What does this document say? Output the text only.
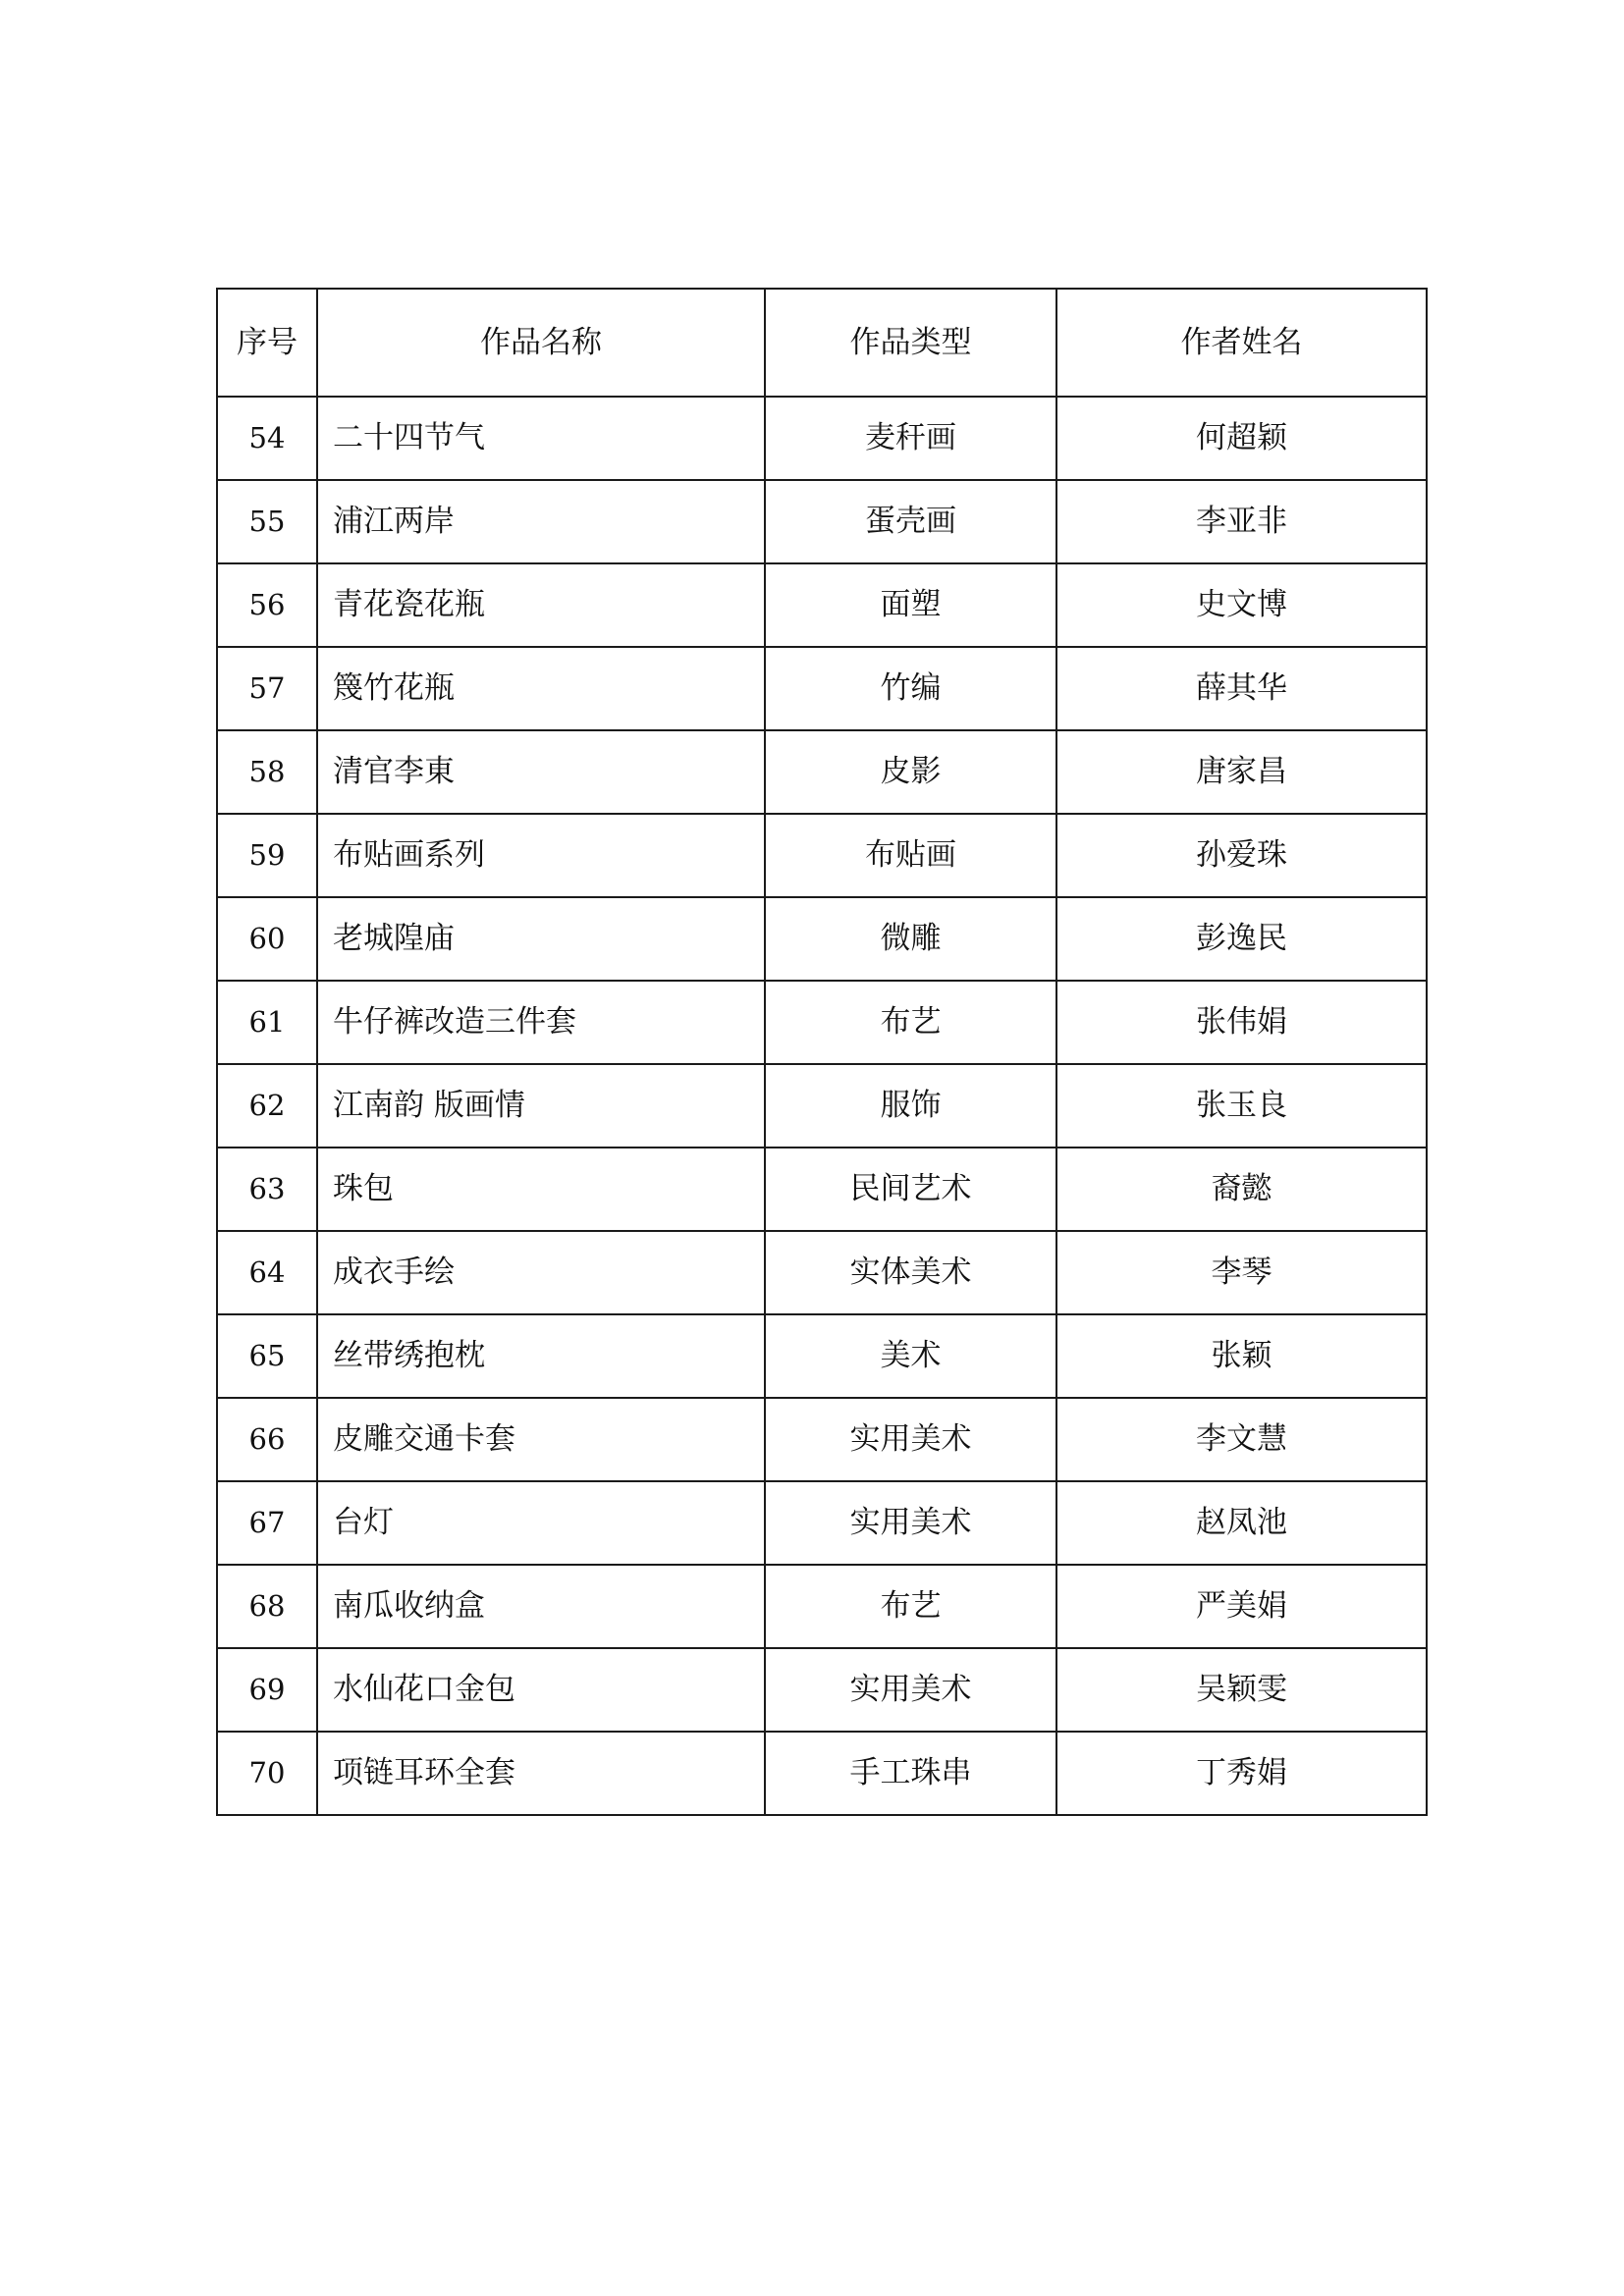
序号	作品名称	作品类型	作者姓名
54	二十四节气	麦秆画	何超颖
55	浦江两岸	蛋壳画	李亚非
56	青花瓷花瓶	面塑	史文博
57	篾竹花瓶	竹编	薛其华
58	清官李東	皮影	唐家昌
59	布贴画系列	布贴画	孙爱珠
60	老城隍庙	微雕	彭逸民
61	牛仔裤改造三件套	布艺	张伟娟
62	江南韵 版画情	服饰	张玉良
63	珠包	民间艺术	裔懿
64	成衣手绘	实体美术	李琴
65	丝带绣抱枕	美术	张颖
66	皮雕交通卡套	实用美术	李文慧
67	台灯	实用美术	赵凤池
68	南瓜收纳盒	布艺	严美娟
69	水仙花口金包	实用美术	吴颖雯
70	项链耳环全套	手工珠串	丁秀娟
